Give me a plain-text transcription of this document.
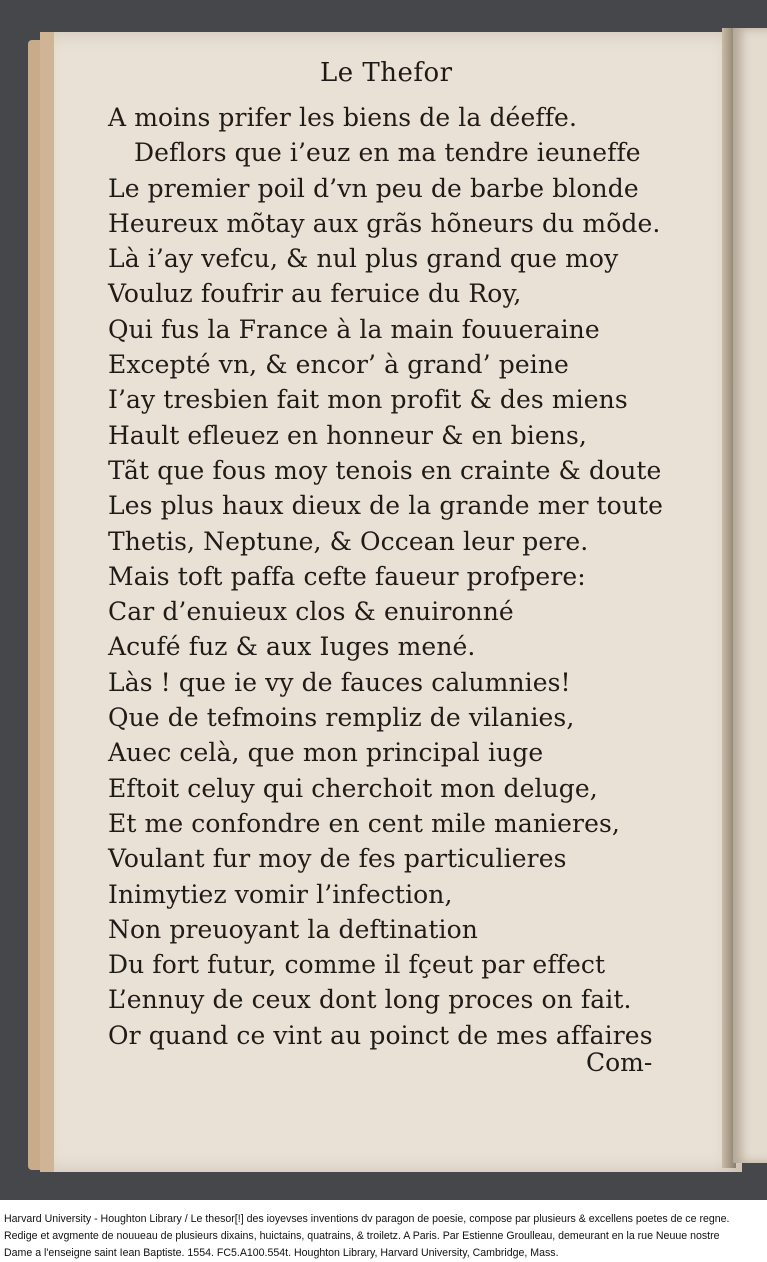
Le Thefor
A moins prifer les biens de la déeffe.
Deflors que i’euz en ma tendre ieuneffe
Le premier poil d’vn peu de barbe blonde
Heureux mõtay aux grãs hõneurs du mõde.
Là i’ay vefcu, & nul plus grand que moy
Vouluz foufrir au feruice du Roy,
Qui fus la France à la main fouueraine
Excepté vn, & encor’ à grand’ peine
I’ay tresbien fait mon profit & des miens
Hault efleuez en honneur & en biens,
Tãt que fous moy tenois en crainte & doute
Les plus haux dieux de la grande mer toute
Thetis, Neptune, & Occean leur pere.
Mais toft paffa cefte faueur profpere:
Car d’enuieux clos & enuironné
Acufé fuz & aux Iuges mené.
Làs ! que ie vy de fauces calumnies!
Que de tefmoins rempliz de vilanies,
Auec celà, que mon principal iuge
Eftoit celuy qui cherchoit mon deluge,
Et me confondre en cent mile manieres,
Voulant fur moy de fes particulieres
Inimytiez vomir l’infection,
Non preuoyant la deftination
Du fort futur, comme il fçeut par effect
L’ennuy de ceux dont long proces on fait.
Or quand ce vint au poinct de mes affaires
Com-
Harvard University - Houghton Library / Le thesor[!] des ioyevses inventions dv paragon de poesie, compose par plusieurs & excellens poetes de ce regne.
Redige et avgmente de nouueau de plusieurs dixains, huictains, quatrains, & troiletz. A Paris. Par Estienne Groulleau, demeurant en la rue Neuue nostre
Dame a l'enseigne saint Iean Baptiste. 1554. FC5.A100.554t. Houghton Library, Harvard University, Cambridge, Mass.
